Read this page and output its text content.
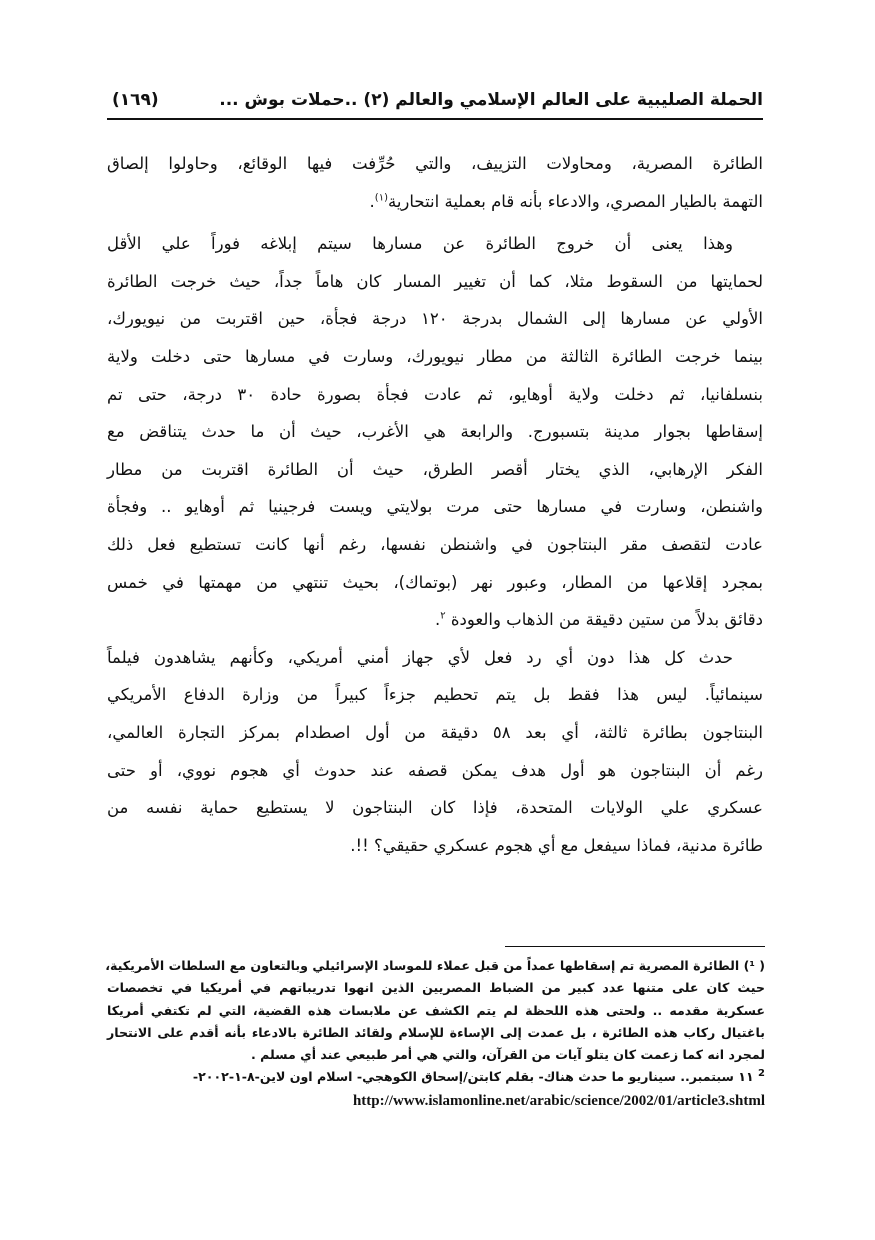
الحملة الصليبية على العالم الإسلامي والعالم (٢) ..حملات بوش ...
(١٦٩)
الطائرة المصرية، ومحاولات التزييف، والتي حُرِّفت فيها الوقائع، وحاولوا إلصاق
التهمة بالطيار المصري، والادعاء بأنه قام بعملية انتحارية$^{(١)}$.
وهذا يعنى أن خروج الطائرة عن مسارها سيتم إبلاغه فوراً علي الأقل
لحمايتها من السقوط مثلا، كما أن تغيير المسار كان هاماً جداً، حيث خرجت الطائرة
الأولي عن مسارها إلى الشمال بدرجة ١٢٠ درجة فجأة، حين اقتربت من نيويورك،
بينما خرجت الطائرة الثالثة من مطار نيويورك، وسارت في مسارها حتى دخلت ولاية
بنسلفانيا، ثم دخلت ولاية أوهايو، ثم عادت فجأة بصورة حادة ٣٠ درجة، حتى تم
إسقاطها بجوار مدينة بتسبورج. والرابعة هي الأغرب، حيث أن ما حدث يتناقض مع
الفكر الإرهابي، الذي يختار أقصر الطرق، حيث أن الطائرة اقتربت من مطار
واشنطن، وسارت في مسارها حتى مرت بولايتي ويست فرجينيا ثم أوهايو .. وفجأة
عادت لتقصف مقر البنتاجون في واشنطن نفسها، رغم أنها كانت تستطيع فعل ذلك
بمجرد إقلاعها من المطار، وعبور نهر (بوتماك)، بحيث تنتهي من مهمتها في خمس
دقائق بدلاً من ستين دقيقة من الذهاب والعودة $^٢$.
حدث كل هذا دون أي رد فعل لأي جهاز أمني أمريكي، وكأنهم يشاهدون فيلماً
سينمائياً. ليس هذا فقط بل يتم تحطيم جزءاً كبيراً من وزارة الدفاع الأمريكي
البنتاجون بطائرة ثالثة، أي بعد ٥٨ دقيقة من أول اصطدام بمركز التجارة العالمي،
رغم أن البنتاجون هو أول هدف يمكن قصفه عند حدوث أي هجوم نووي، أو حتى
عسكري علي الولايات المتحدة، فإذا كان البنتاجون لا يستطيع حماية نفسه من
طائرة مدنية، فماذا سيفعل مع أي هجوم عسكري حقيقي؟ !!.
( ¹) الطائرة المصرية تم إسقاطها عمداً من قبل عملاء للموساد الإسرائيلي وبالتعاون مع السلطات الأمريكية،
حيث كان على متنها عدد كبير من الضباط المصريين الذين انهوا تدريباتهم في أمريكيا في تخصصات
عسكرية مقدمه .. ولحتى هذه اللحظة لم يتم الكشف عن ملابسات هذه القضية، التي لم تكتفي أمريكا
باغتيال ركاب هذه الطائرة ، بل عمدت إلى الإساءة للإسلام ولقائد الطائرة بالادعاء بأنه أقدم على الانتحار
لمجرد انه كما زعمت كان يتلو آيات من القرآن، والتي هي أمر طبيعي عند أي مسلم .
$^2$ ١١ سبتمبر.. سيناريو ما حدث هناك- بقلم كابتن/إسحاق الكوهجي- اسلام اون لاين-٨-١-٢٠٠٢-
http://www.islamonline.net/arabic/science/2002/01/article3.shtml
